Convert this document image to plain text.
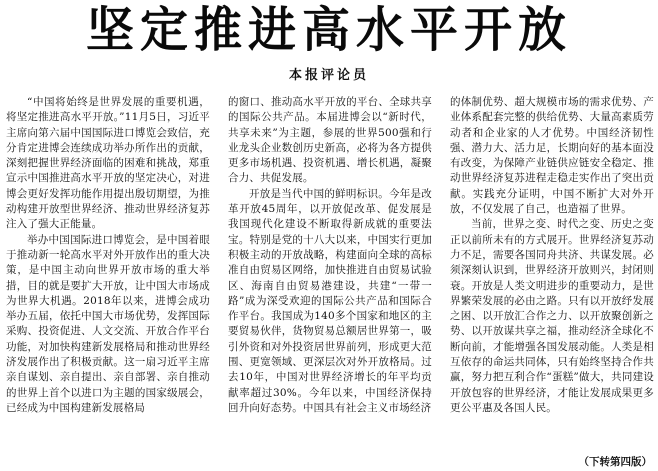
坚定推进高水平开放
本报评论员

“中国将始终是世界发展的重要机遇，将坚定推进高水平开放。”11月5日，习近平主席向第六届中国国际进口博览会致信，充分肯定进博会连续成功举办所作出的贡献，深刻把握世界经济面临的困难和挑战，郑重宣示中国推进高水平开放的坚定决心，对进博会更好发挥功能作用提出殷切期望，为推动构建开放型世界经济、推动世界经济复苏注入了强大正能量。

举办中国国际进口博览会，是中国着眼于推动新一轮高水平对外开放作出的重大决策，是中国主动向世界开放市场的重大举措，目的就是要扩大开放，让中国大市场成为世界大机遇。2018年以来，进博会成功举办五届，依托中国大市场优势，发挥国际采购、投资促进、人文交流、开放合作平台功能，对加快构建新发展格局和推动世界经济发展作出了积极贡献。这一扇习近平主席亲自谋划、亲自提出、亲自部署、亲自推动的世界上首个以进口为主题的国家级展会，已经成为中国构建新发展格局

的窗口、推动高水平开放的平台、全球共享的国际公共产品。本届进博会以“新时代，共享未来”为主题，参展的世界500强和行业龙头企业数创历史新高，必将为各方提供更多市场机遇、投资机遇、增长机遇，凝聚合力、共促发展。

开放是当代中国的鲜明标识。今年是改革开放45周年，以开放促改革、促发展是我国现代化建设不断取得新成就的重要法宝。特别是党的十八大以来，中国实行更加积极主动的开放战略，构建面向全球的高标准自由贸易区网络，加快推进自由贸易试验区、海南自由贸易港建设，共建“一带一路”成为深受欢迎的国际公共产品和国际合作平台。我国成为140多个国家和地区的主要贸易伙伴，货物贸易总额居世界第一，吸引外资和对外投资居世界前列，形成更大范围、更宽领域、更深层次对外开放格局。过去10年，中国对世界经济增长的年平均贡献率超过30%。今年以来，中国经济保持回升向好态势。中国具有社会主义市场经济

的体制优势、超大规模市场的需求优势、产业体系配套完整的供给优势、大量高素质劳动者和企业家的人才优势。中国经济韧性强、潜力大、活力足，长期向好的基本面没有改变，为保障产业链供应链安全稳定、推动世界经济复苏进程走稳走实作出了突出贡献。实践充分证明，中国不断扩大对外开放，不仅发展了自己，也造福了世界。

当前，世界之变、时代之变、历史之变正以前所未有的方式展开。世界经济复苏动力不足，需要各国同舟共济、共谋发展。必须深刻认识到，世界经济开放则兴，封闭则衰。开放是人类文明进步的重要动力，是世界繁荣发展的必由之路。只有以开放纾发展之困、以开放汇合作之力、以开放聚创新之势、以开放谋共享之福，推动经济全球化不断向前，才能增强各国发展动能。人类是相互依存的命运共同体，只有始终坚持合作共赢，努力把互利合作“蛋糕”做大，共同建设开放包容的世界经济，才能让发展成果更多更公平惠及各国人民。

（下转第四版）
